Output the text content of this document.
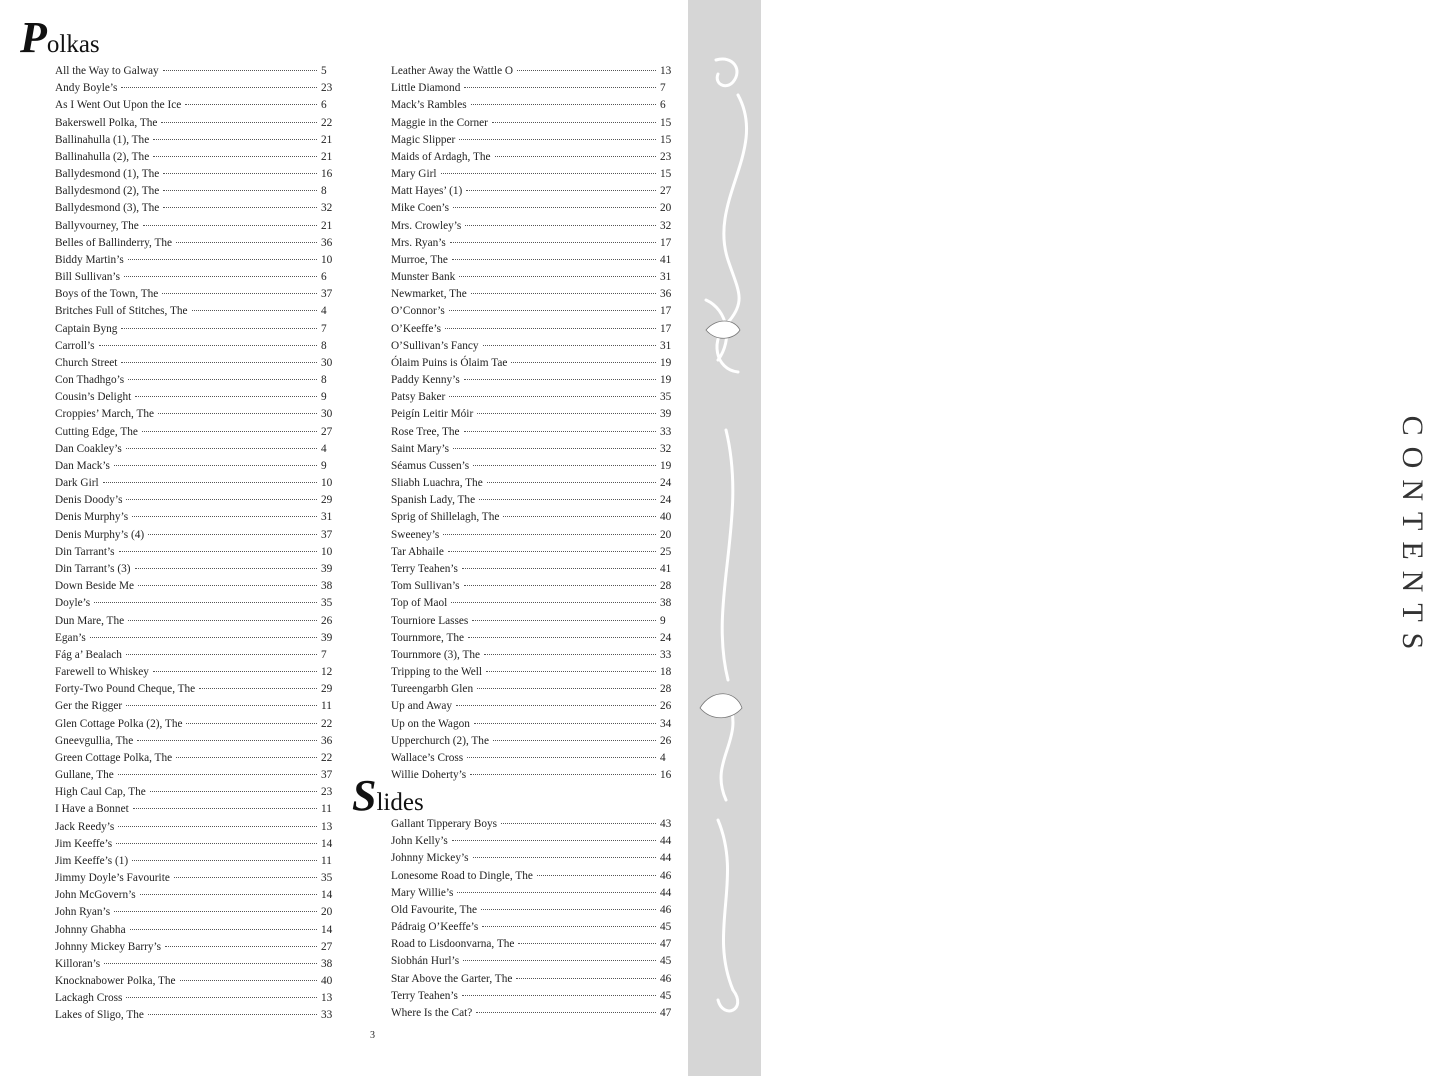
CONTENTS
Polkas
All the Way to Galway	5
Andy Boyle’s	23
As I Went Out Upon the Ice	6
Bakerswell Polka, The	22
Ballinahulla (1), The	21
Ballinahulla (2), The	21
Ballydesmond (1), The	16
Ballydesmond (2), The	8
Ballydesmond (3), The	32
Ballyvourney, The	21
Belles of Ballinderry, The	36
Biddy Martin’s	10
Bill Sullivan’s	6
Boys of the Town, The	37
Britches Full of Stitches, The	4
Captain Byng	7
Carroll’s	8
Church Street	30
Con Thadhgo’s	8
Cousin’s Delight	9
Croppies’ March, The	30
Cutting Edge, The	27
Dan Coakley’s	4
Dan Mack’s	9
Dark Girl	10
Denis Doody’s	29
Denis Murphy’s	31
Denis Murphy’s (4)	37
Din Tarrant’s	10
Din Tarrant’s (3)	39
Down Beside Me	38
Doyle’s	35
Dun Mare, The	26
Egan’s	39
Fág a’ Bealach	7
Farewell to Whiskey	12
Forty-Two Pound Cheque, The	29
Ger the Rigger	11
Glen Cottage Polka (2), The	22
Gneevgullia, The	36
Green Cottage Polka, The	22
Gullane, The	37
High Caul Cap, The	23
I Have a Bonnet	11
Jack Reedy’s	13
Jim Keeffe’s	14
Jim Keeffe’s (1)	11
Jimmy Doyle’s Favourite	35
John McGovern’s	14
John Ryan’s	20
Johnny Ghabha	14
Johnny Mickey Barry’s	27
Killoran’s	38
Knocknabower Polka, The	40
Lackagh Cross	13
Lakes of Sligo, The	33
Leather Away the Wattle O	13
Little Diamond	7
Mack’s Rambles	6
Maggie in the Corner	15
Magic Slipper	15
Maids of Ardagh, The	23
Mary Girl	15
Matt Hayes’ (1)	27
Mike Coen’s	20
Mrs. Crowley’s	32
Mrs. Ryan’s	17
Murroe, The	41
Munster Bank	31
Newmarket, The	36
O’Connor’s	17
O’Keeffe’s	17
O’Sullivan’s Fancy	31
Ólaim Puins is Ólaim Tae	19
Paddy Kenny’s	19
Patsy Baker	35
Peigín Leitir Móir	39
Rose Tree, The	33
Saint Mary’s	32
Séamus Cussen’s	19
Sliabh Luachra, The	24
Spanish Lady, The	24
Sprig of Shillelagh, The	40
Sweeney’s	20
Tar Abhaile	25
Terry Teahen’s	41
Tom Sullivan’s	28
Top of Maol	38
Tourniore Lasses	9
Tournmore, The	24
Tournmore (3), The	33
Tripping to the Well	18
Tureengarbh Glen	28
Up and Away	26
Up on the Wagon	34
Upperchurch (2), The	26
Wallace’s Cross	4
Willie Doherty’s	16
Slides
Gallant Tipperary Boys	43
John Kelly’s	44
Johnny Mickey’s	44
Lonesome Road to Dingle, The	46
Mary Willie’s	44
Old Favourite, The	46
Pádraig O’Keeffe’s	45
Road to Lisdoonvarna, The	47
Siobhán Hurl’s	45
Star Above the Garter, The	46
Terry Teahen’s	45
Where Is the Cat?	47
3
